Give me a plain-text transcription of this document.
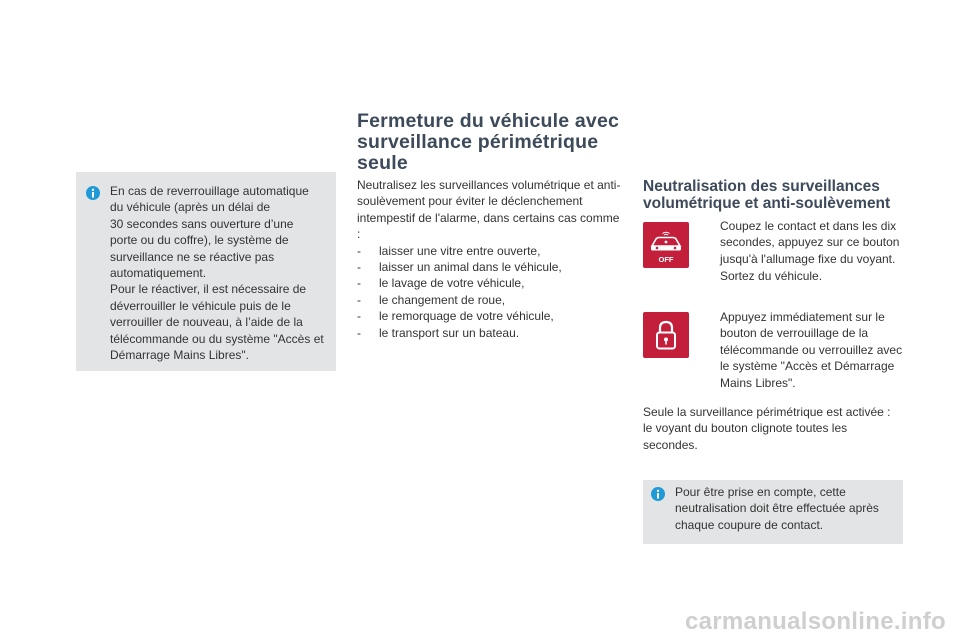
En cas de reverrouillage automatique
du véhicule (après un délai de
30 secondes sans ouverture d’une
porte ou du coffre), le système de
surveillance ne se réactive pas
automatiquement.
Pour le réactiver, il est nécessaire de
déverrouiller le véhicule puis de le
verrouiller de nouveau, à l’aide de la
télécommande ou du système "Accès et
Démarrage Mains Libres".
Fermeture du véhicule avec
surveillance périmétrique
seule

Neutralisez les surveillances volumétrique et anti-soulèvement pour éviter le déclenchement intempestif de l'alarme, dans certains cas comme :

-	laisser une vitre entre ouverte,
-	laisser un animal dans le véhicule,
-	le lavage de votre véhicule,
-	le changement de roue,
-	le remorquage de votre véhicule,
-	le transport sur un bateau.
Neutralisation des surveillances
volumétrique et anti-soulèvement
OFF
Coupez le contact et dans les dix secondes, appuyez sur ce bouton jusqu'à l'allumage fixe du voyant.
Sortez du véhicule.
Appuyez immédiatement sur le bouton de verrouillage de la télécommande ou verrouillez avec le système "Accès et Démarrage Mains Libres".
Seule la surveillance périmétrique est activée : le voyant du bouton clignote toutes les secondes.
Pour être prise en compte, cette
neutralisation doit être effectuée après
chaque coupure de contact.
carmanualsonline.info
